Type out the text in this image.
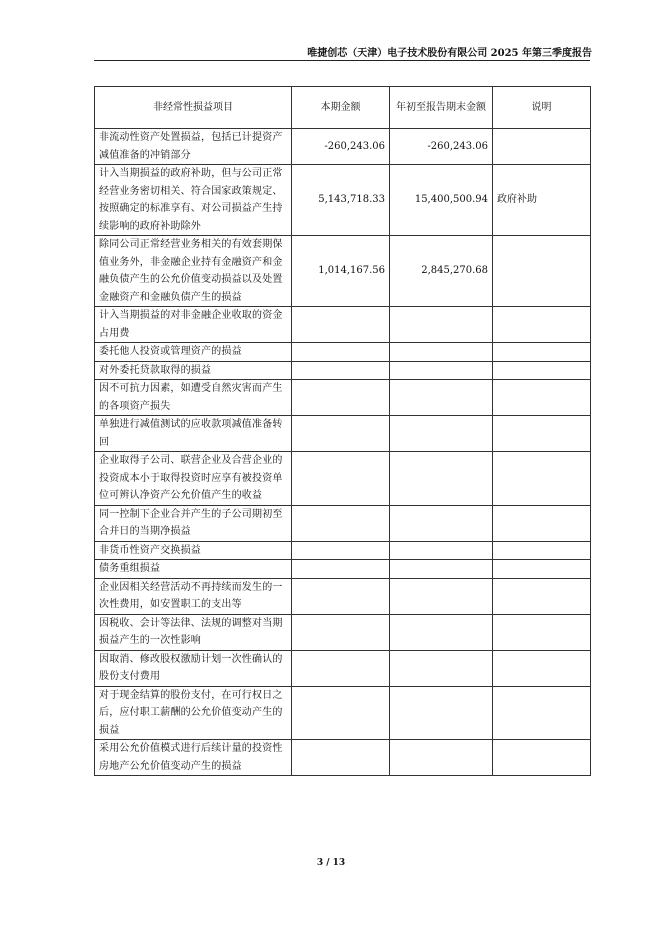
唯捷创芯（天津）电子技术股份有限公司 2025 年第三季度报告
非经常性损益项目	本期金额	年初至报告期末金额	说明
非流动性资产处置损益，包括已计提资产减值准备的冲销部分	-260,243.06	-260,243.06	
计入当期损益的政府补助，但与公司正常经营业务密切相关、符合国家政策规定、按照确定的标准享有、对公司损益产生持续影响的政府补助除外	5,143,718.33	15,400,500.94	政府补助
除同公司正常经营业务相关的有效套期保值业务外，非金融企业持有金融资产和金融负债产生的公允价值变动损益以及处置金融资产和金融负债产生的损益	1,014,167.56	2,845,270.68	
计入当期损益的对非金融企业收取的资金占用费			
委托他人投资或管理资产的损益			
对外委托贷款取得的损益			
因不可抗力因素，如遭受自然灾害而产生的各项资产损失			
单独进行减值测试的应收款项减值准备转回			
企业取得子公司、联营企业及合营企业的投资成本小于取得投资时应享有被投资单位可辨认净资产公允价值产生的收益			
同一控制下企业合并产生的子公司期初至合并日的当期净损益			
非货币性资产交换损益			
债务重组损益			
企业因相关经营活动不再持续而发生的一次性费用，如安置职工的支出等			
因税收、会计等法律、法规的调整对当期损益产生的一次性影响			
因取消、修改股权激励计划一次性确认的股份支付费用			
对于现金结算的股份支付，在可行权日之后，应付职工薪酬的公允价值变动产生的损益			
采用公允价值模式进行后续计量的投资性房地产公允价值变动产生的损益			
3 / 13
